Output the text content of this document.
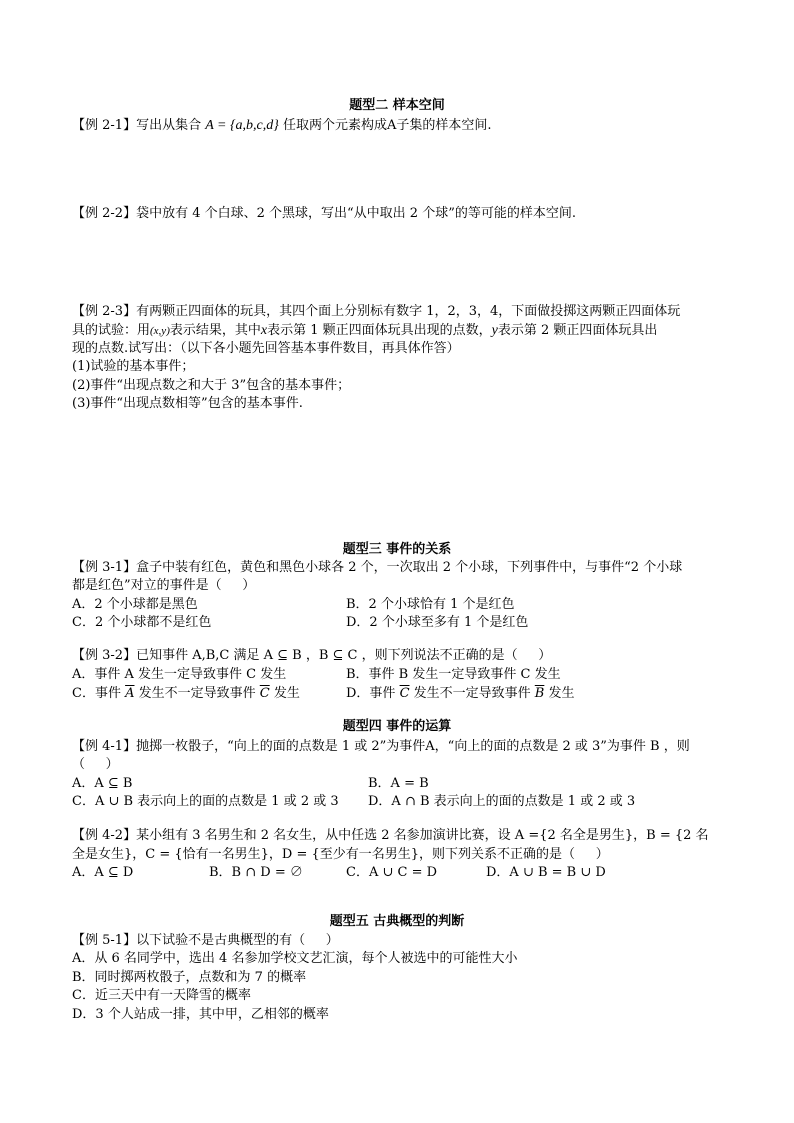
题型二 样本空间
【例 2-1】写出从集合 A = {a,b,c,d} 任取两个元素构成A子集的样本空间.
【例 2-2】袋中放有 4 个白球、2 个黑球，写出“从中取出 2 个球”的等可能的样本空间.
【例 2-3】有两颗正四面体的玩具，其四个面上分别标有数字 1，2，3，4，下面做投掷这两颗正四面体玩
具的试验：用(x,y)表示结果，其中x表示第 1 颗正四面体玩具出现的点数，y表示第 2 颗正四面体玩具出
现的点数.试写出：（以下各小题先回答基本事件数目，再具体作答）
(1)试验的基本事件；
(2)事件“出现点数之和大于 3”包含的基本事件；
(3)事件“出现点数相等”包含的基本事件.
题型三 事件的关系
【例 3-1】盒子中装有红色，黄色和黑色小球各 2 个，一次取出 2 个小球，下列事件中，与事件“2 个小球
都是红色”对立的事件是（     ）
A．2 个小球都是黑色	B．2 个小球恰有 1 个是红色
C．2 个小球都不是红色	D．2 个小球至多有 1 个是红色
【例 3-2】已知事件 A,B,C 满足 A ⊆ B ，B ⊆ C ，则下列说法不正确的是（     ）
A．事件 A 发生一定导致事件 C 发生	B．事件 B 发生一定导致事件 C 发生
C．事件 $\overline{A}$ 发生不一定导致事件 $\overline{C}$ 发生	D．事件 $\overline{C}$ 发生不一定导致事件 $\overline{B}$ 发生
题型四 事件的运算
【例 4-1】抛掷一枚骰子，“向上的面的点数是 1 或 2”为事件A，“向上的面的点数是 2 或 3”为事件 B ，则
（     ）
A．A ⊆ B	B．A = B
C．A ∪ B 表示向上的面的点数是 1 或 2 或 3 D．A ∩ B 表示向上的面的点数是 1 或 2 或 3
【例 4-2】某小组有 3 名男生和 2 名女生，从中任选 2 名参加演讲比赛，设 A ={2 名全是男生}，B = {2 名
全是女生}，C = {恰有一名男生}，D = {至少有一名男生}，则下列关系不正确的是（     ）
A．A ⊆ D	B．B ∩ D = ∅	C．A ∪ C = D	D．A ∪ B = B ∪ D
题型五 古典概型的判断
【例 5-1】以下试验不是古典概型的有（     ）
A．从 6 名同学中，选出 4 名参加学校文艺汇演，每个人被选中的可能性大小
B．同时掷两枚骰子，点数和为 7 的概率
C．近三天中有一天降雪的概率
D．3 个人站成一排，其中甲，乙相邻的概率
